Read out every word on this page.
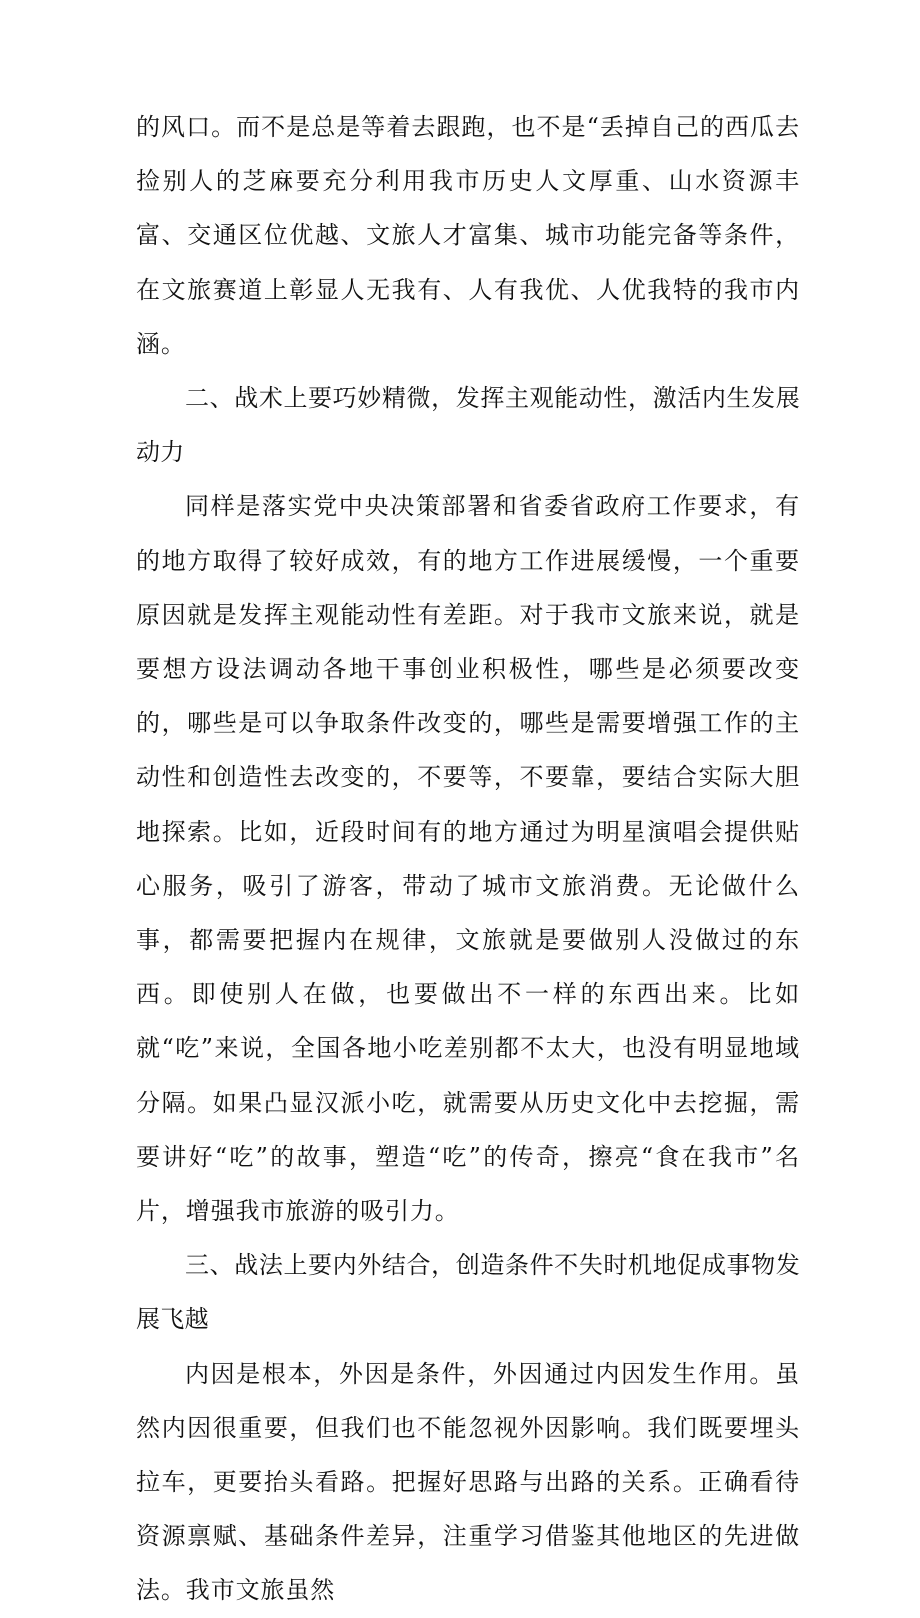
的风口。而不是总是等着去跟跑，也不是“丢掉自己的西瓜去捡别人的芝麻要充分利用我市历史人文厚重、山水资源丰富、交通区位优越、文旅人才富集、城市功能完备等条件，在文旅赛道上彰显人无我有、人有我优、人优我特的我市内涵。

二、战术上要巧妙精微，发挥主观能动性，激活内生发展动力

同样是落实党中央决策部署和省委省政府工作要求，有的地方取得了较好成效，有的地方工作进展缓慢，一个重要原因就是发挥主观能动性有差距。对于我市文旅来说，就是要想方设法调动各地干事创业积极性，哪些是必须要改变的，哪些是可以争取条件改变的，哪些是需要增强工作的主动性和创造性去改变的，不要等，不要靠，要结合实际大胆地探索。比如，近段时间有的地方通过为明星演唱会提供贴心服务，吸引了游客，带动了城市文旅消费。无论做什么事，都需要把握内在规律，文旅就是要做别人没做过的东西。即使别人在做，也要做出不一样的东西出来。比如就“吃”来说，全国各地小吃差别都不太大，也没有明显地域分隔。如果凸显汉派小吃，就需要从历史文化中去挖掘，需要讲好“吃”的故事，塑造“吃”的传奇，擦亮“食在我市”名片，增强我市旅游的吸引力。

三、战法上要内外结合，创造条件不失时机地促成事物发展飞越

内因是根本，外因是条件，外因通过内因发生作用。虽然内因很重要，但我们也不能忽视外因影响。我们既要埋头拉车，更要抬头看路。把握好思路与出路的关系。正确看待资源禀赋、基础条件差异，注重学习借鉴其他地区的先进做法。我市文旅虽然
